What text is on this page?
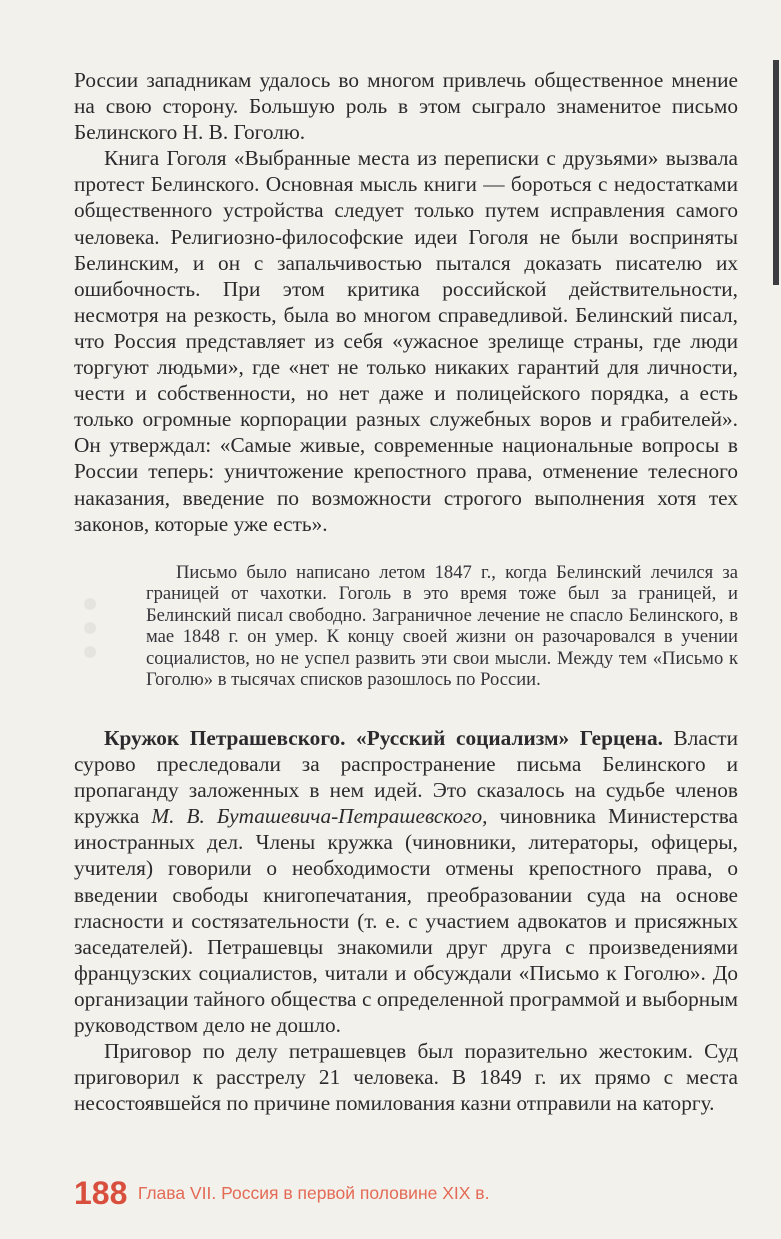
России западникам удалось во многом привлечь общественное мнение на свою сторону. Большую роль в этом сыграло знаменитое письмо Белинского Н. В. Гоголю.

Книга Гоголя «Выбранные места из переписки с друзьями» вызвала протест Белинского. Основная мысль книги — бороться с недостатками общественного устройства следует только путем исправления самого человека. Религиозно-философские идеи Гоголя не были восприняты Белинским, и он с запальчивостью пытался доказать писателю их ошибочность. При этом критика российской действительности, несмотря на резкость, была во многом справедливой. Белинский писал, что Россия представляет из себя «ужасное зрелище страны, где люди торгуют людьми», где «нет не только никаких гарантий для личности, чести и собственности, но нет даже и полицейского порядка, а есть только огромные корпорации разных служебных воров и грабителей». Он утверждал: «Самые живые, современные национальные вопросы в России теперь: уничтожение крепостного права, отменение телесного наказания, введение по возможности строгого выполнения хотя тех законов, которые уже есть».

Письмо было написано летом 1847 г., когда Белинский лечился за границей от чахотки. Гоголь в это время тоже был за границей, и Белинский писал свободно. Заграничное лечение не спасло Белинского, в мае 1848 г. он умер. К концу своей жизни он разочаровался в учении социалистов, но не успел развить эти свои мысли. Между тем «Письмо к Гоголю» в тысячах списков разошлось по России.

Кружок Петрашевского. «Русский социализм» Герцена. Власти сурово преследовали за распространение письма Белинского и пропаганду заложенных в нем идей. Это сказалось на судьбе членов кружка М. В. Буташевича-Петрашевского, чиновника Министерства иностранных дел. Члены кружка (чиновники, литераторы, офицеры, учителя) говорили о необходимости отмены крепостного права, о введении свободы книгопечатания, преобразовании суда на основе гласности и состязательности (т. е. с участием адвокатов и присяжных заседателей). Петрашевцы знакомили друг друга с произведениями французских социалистов, читали и обсуждали «Письмо к Гоголю». До организации тайного общества с определенной программой и выборным руководством дело не дошло.

Приговор по делу петрашевцев был поразительно жестоким. Суд приговорил к расстрелу 21 человека. В 1849 г. их прямо с места несостоявшейся по причине помилования казни отправили на каторгу.

188 Глава VII. Россия в первой половине XIX в.
